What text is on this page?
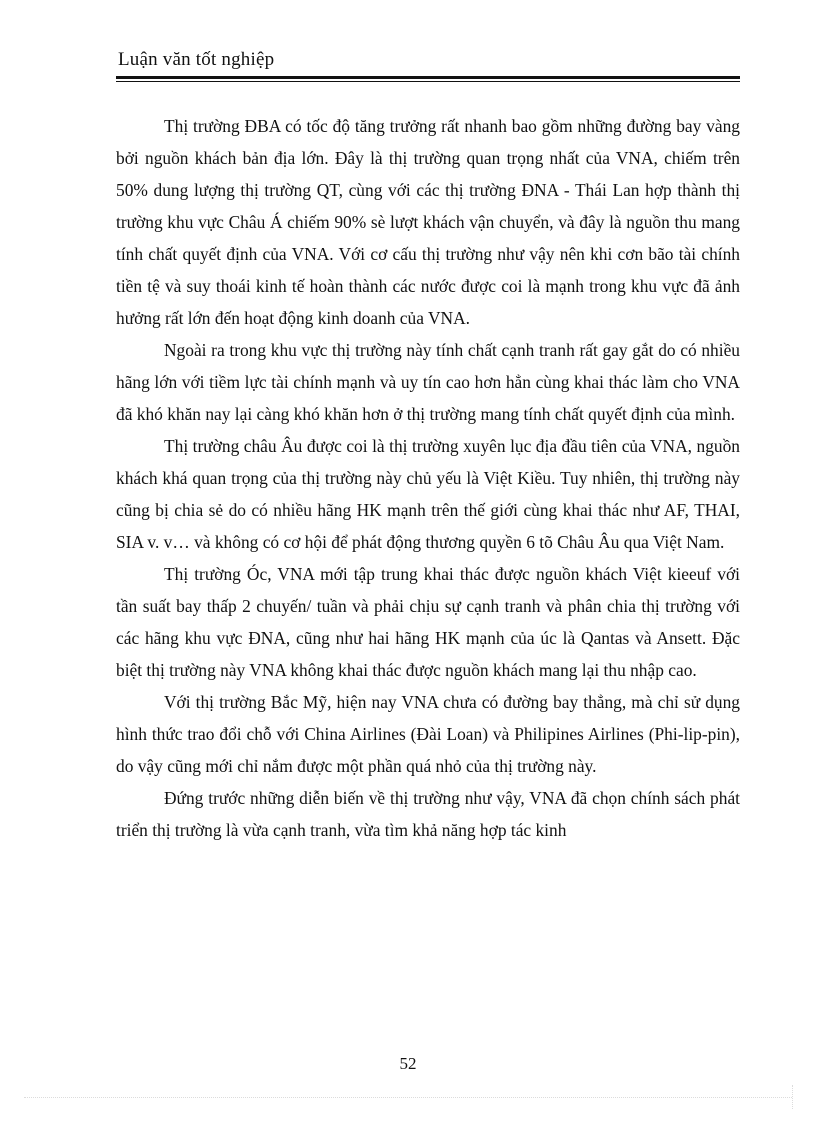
Luận văn tốt nghiệp

Thị trường ĐBA có tốc độ tăng trưởng rất nhanh bao gồm những đường bay vàng bởi nguồn khách bản địa lớn. Đây là thị trường quan trọng nhất của VNA, chiếm trên 50% dung lượng thị trường QT, cùng với các thị trường ĐNA - Thái Lan hợp thành thị trường khu vực Châu Á chiếm 90% sè lượt khách vận chuyển, và đây là nguồn thu mang tính chất quyết định của VNA. Với cơ cấu thị trường như vậy nên khi cơn bão tài chính tiền tệ và suy thoái kinh tế hoàn thành các nước được coi là mạnh trong khu vực đã ảnh hưởng rất lớn đến hoạt động kinh doanh của VNA.

Ngoài ra trong khu vực thị trường này tính chất cạnh tranh rất gay gắt do có nhiều hãng lớn với tiềm lực tài chính mạnh và uy tín cao hơn hẳn cùng khai thác làm cho VNA đã khó khăn nay lại càng khó khăn hơn ở thị trường mang tính chất quyết định của mình.

Thị trường châu Âu được coi là thị trường xuyên lục địa đầu tiên của VNA, nguồn khách khá quan trọng của thị trường này chủ yếu là Việt Kiều. Tuy nhiên, thị trường này cũng bị chia sẻ do có nhiều hãng HK mạnh trên thế giới cùng khai thác như AF, THAI, SIA v. v… và không có cơ hội để phát động thương quyền 6 tõ Châu Âu qua Việt Nam.

Thị trường Óc, VNA mới tập trung khai thác được nguồn khách Việt kieeuf với tần suất bay thấp 2 chuyến/ tuần và phải chịu sự cạnh tranh và phân chia thị trường với các hãng khu vực ĐNA, cũng như hai hãng HK mạnh của úc là Qantas và Ansett. Đặc biệt thị trường này VNA không khai thác được nguồn khách mang lại thu nhập cao.

Với thị trường Bắc Mỹ, hiện nay VNA chưa có đường bay thẳng, mà chỉ sử dụng hình thức trao đổi chỗ với China Airlines (Đài Loan) và Philipines Airlines (Phi-lip-pin), do vậy cũng mới chỉ nắm được một phần quá nhỏ của thị trường này.

Đứng trước những diễn biến về thị trường như vậy, VNA đã chọn chính sách phát triển thị trường là vừa cạnh tranh, vừa tìm khả năng hợp tác kinh

52
